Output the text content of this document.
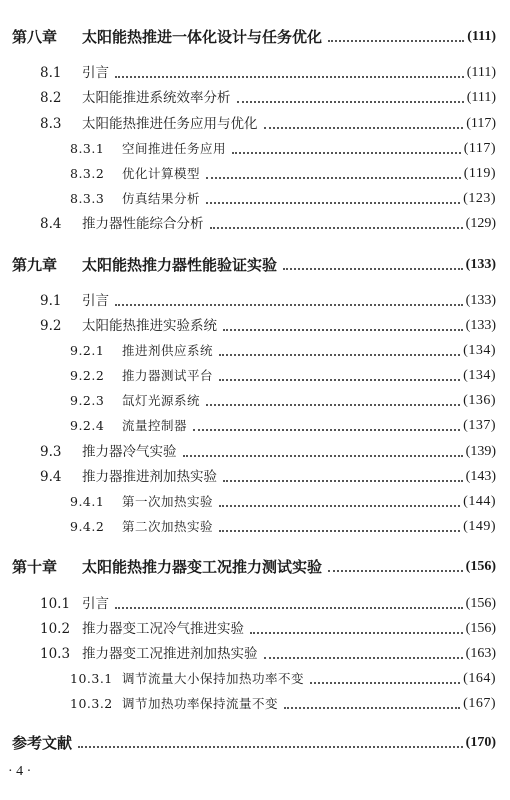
第八章	太阳能热推进一体化设计与任务优化	(111)
8.1	引言	(111)
8.2	太阳能推进系统效率分析	(111)
8.3	太阳能热推进任务应用与优化	(117)
8.3.1	空间推进任务应用	(117)
8.3.2	优化计算模型	(119)
8.3.3	仿真结果分析	(123)
8.4	推力器性能综合分析	(129)
第九章	太阳能热推力器性能验证实验	(133)
9.1	引言	(133)
9.2	太阳能热推进实验系统	(133)
9.2.1	推进剂供应系统	(134)
9.2.2	推力器测试平台	(134)
9.2.3	氙灯光源系统	(136)
9.2.4	流量控制器	(137)
9.3	推力器冷气实验	(139)
9.4	推力器推进剂加热实验	(143)
9.4.1	第一次加热实验	(144)
9.4.2	第二次加热实验	(149)
第十章	太阳能热推力器变工况推力测试实验	(156)
10.1 引言	(156)
10.2 推力器变工况冷气推进实验	(156)
10.3 推力器变工况推进剂加热实验	(163)
10.3.1 调节流量大小保持加热功率不变	(164)
10.3.2 调节加热功率保持流量不变	(167)
参考文献	(170)
· 4 ·
